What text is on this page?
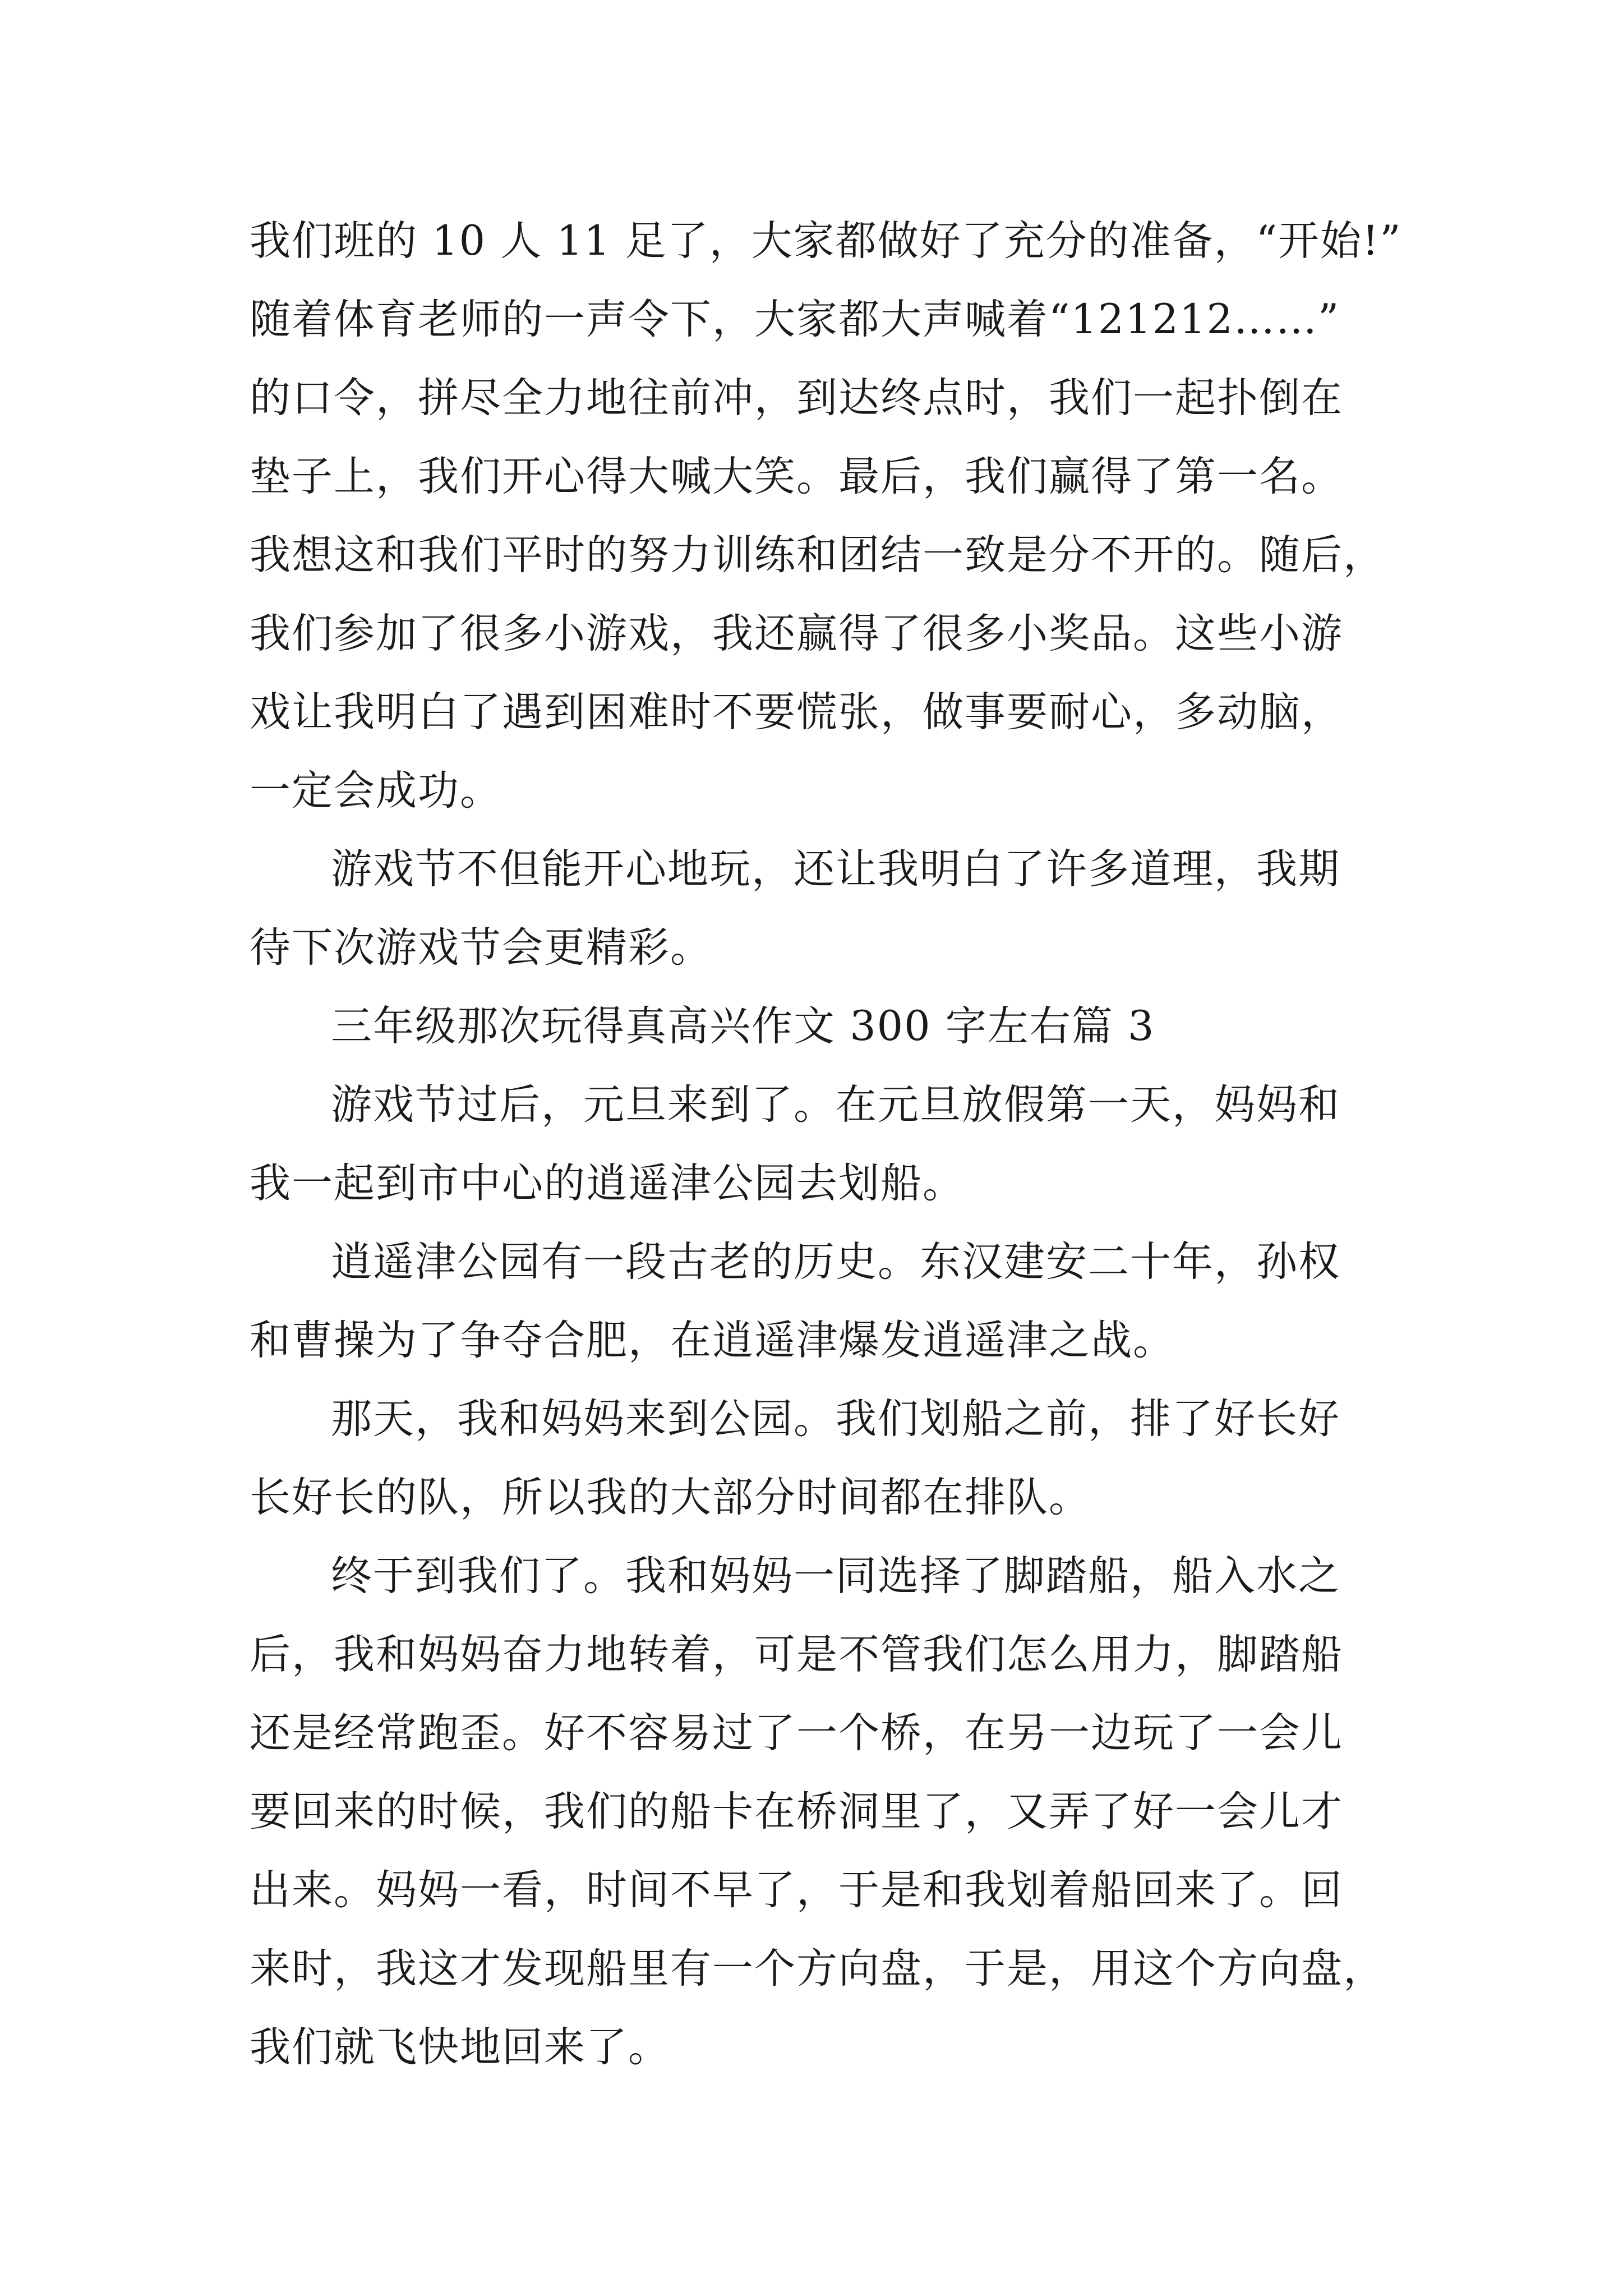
我们班的 10 人 11 足了，大家都做好了充分的准备，“开始!”
随着体育老师的一声令下，大家都大声喊着“121212……”
的口令，拼尽全力地往前冲，到达终点时，我们一起扑倒在
垫子上，我们开心得大喊大笑。最后，我们赢得了第一名。
我想这和我们平时的努力训练和团结一致是分不开的。随后，
我们参加了很多小游戏，我还赢得了很多小奖品。这些小游
戏让我明白了遇到困难时不要慌张，做事要耐心，多动脑，
一定会成功。
游戏节不但能开心地玩，还让我明白了许多道理，我期
待下次游戏节会更精彩。
三年级那次玩得真高兴作文 300 字左右篇 3
游戏节过后，元旦来到了。在元旦放假第一天，妈妈和
我一起到市中心的逍遥津公园去划船。
逍遥津公园有一段古老的历史。东汉建安二十年，孙权
和曹操为了争夺合肥，在逍遥津爆发逍遥津之战。
那天，我和妈妈来到公园。我们划船之前，排了好长好
长好长的队，所以我的大部分时间都在排队。
终于到我们了。我和妈妈一同选择了脚踏船，船入水之
后，我和妈妈奋力地转着，可是不管我们怎么用力，脚踏船
还是经常跑歪。好不容易过了一个桥，在另一边玩了一会儿
要回来的时候，我们的船卡在桥洞里了，又弄了好一会儿才
出来。妈妈一看，时间不早了，于是和我划着船回来了。回
来时，我这才发现船里有一个方向盘，于是，用这个方向盘，
我们就飞快地回来了。
